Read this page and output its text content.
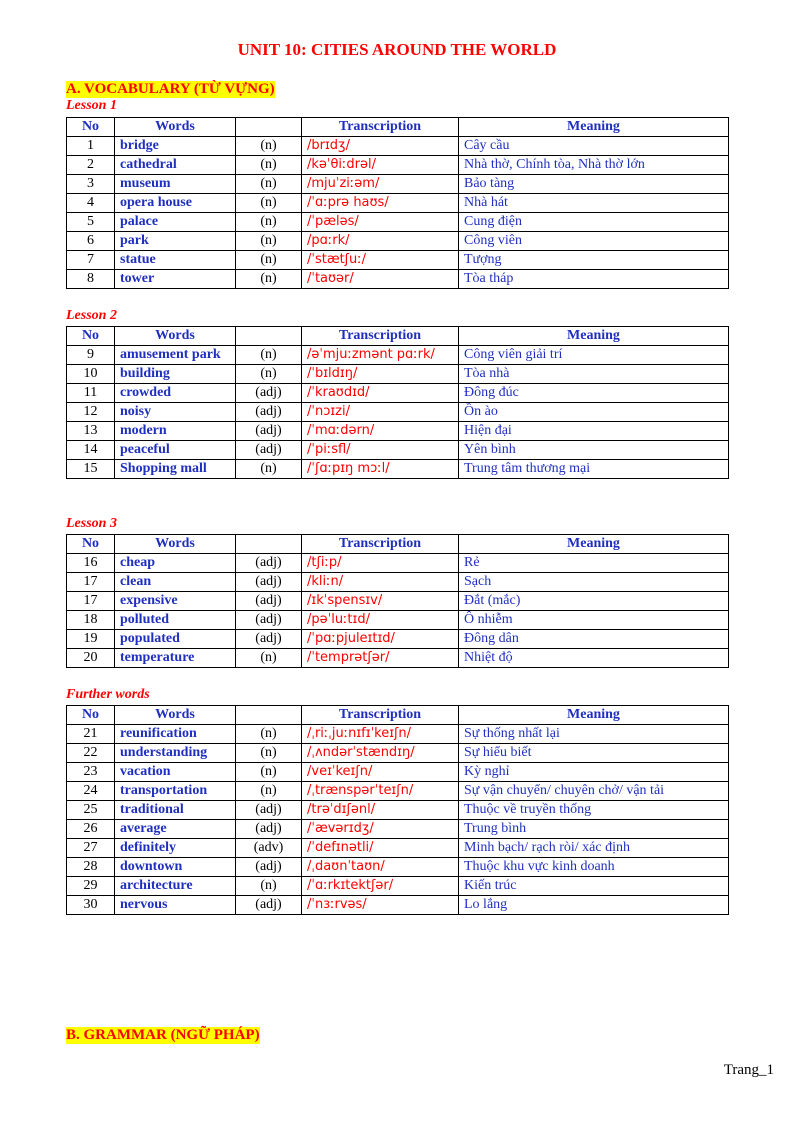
UNIT 10: CITIES AROUND THE WORLD
A. VOCABULARY (TỪ VỰNG)
Lesson 1
No	Words		Transcription	Meaning
1	bridge	(n)	/brɪdʒ/	Cây cầu
2	cathedral	(n)	/kəˈθiːdrəl/	Nhà thờ, Chính tòa, Nhà thờ lớn
3	museum	(n)	/mjuˈziːəm/	Bảo tàng
4	opera house	(n)	/ˈɑːprə haʊs/	Nhà hát
5	palace	(n)	/ˈpæləs/	Cung điện
6	park	(n)	/pɑːrk/	Công viên
7	statue	(n)	/ˈstætʃuː/	Tượng
8	tower	(n)	/ˈtaʊər/	Tòa tháp
Lesson 2
No	Words		Transcription	Meaning
9	amusement park	(n)	/əˈmjuːzmənt pɑːrk/	Công viên giải trí
10	building	(n)	/ˈbɪldɪŋ/	Tòa nhà
11	crowded	(adj)	/ˈkraʊdɪd/	Đông đúc
12	noisy	(adj)	/ˈnɔɪzi/	Ồn ào
13	modern	(adj)	/ˈmɑːdərn/	Hiện đại
14	peaceful	(adj)	/ˈpiːsfl/	Yên bình
15	Shopping mall	(n)	/ˈʃɑːpɪŋ mɔːl/	Trung tâm thương mại
Lesson 3
No	Words		Transcription	Meaning
16	cheap	(adj)	/tʃiːp/	Rẻ
17	clean	(adj)	/kliːn/	Sạch
17	expensive	(adj)	/ɪkˈspensɪv/	Đắt (mắc)
18	polluted	(adj)	/pəˈluːtɪd/	Ô nhiễm
19	populated	(adj)	/ˈpɑːpjuleɪtɪd/	Đông dân
20	temperature	(n)	/ˈtemprətʃər/	Nhiệt độ
Further words
No	Words		Transcription	Meaning
21	reunification	(n)	/ˌriːˌjuːnɪfɪˈkeɪʃn/	Sự thống nhất lại
22	understanding	(n)	/ˌʌndərˈstændɪŋ/	Sự hiểu biết
23	vacation	(n)	/veɪˈkeɪʃn/	Kỳ nghỉ
24	transportation	(n)	/ˌtrænspərˈteɪʃn/	Sự vận chuyển/ chuyên chở/ vận tải
25	traditional	(adj)	/trəˈdɪʃənl/	Thuộc về truyền thống
26	average	(adj)	/ˈævərɪdʒ/	Trung bình
27	definitely	(adv)	/ˈdefɪnətli/	Minh bạch/ rạch ròi/ xác định
28	downtown	(adj)	/ˌdaʊnˈtaʊn/	Thuộc khu vực kinh doanh
29	architecture	(n)	/ˈɑːrkɪtektʃər/	Kiến trúc
30	nervous	(adj)	/ˈnɜːrvəs/	Lo lắng
B. GRAMMAR (NGỮ PHÁP)
Trang_1
